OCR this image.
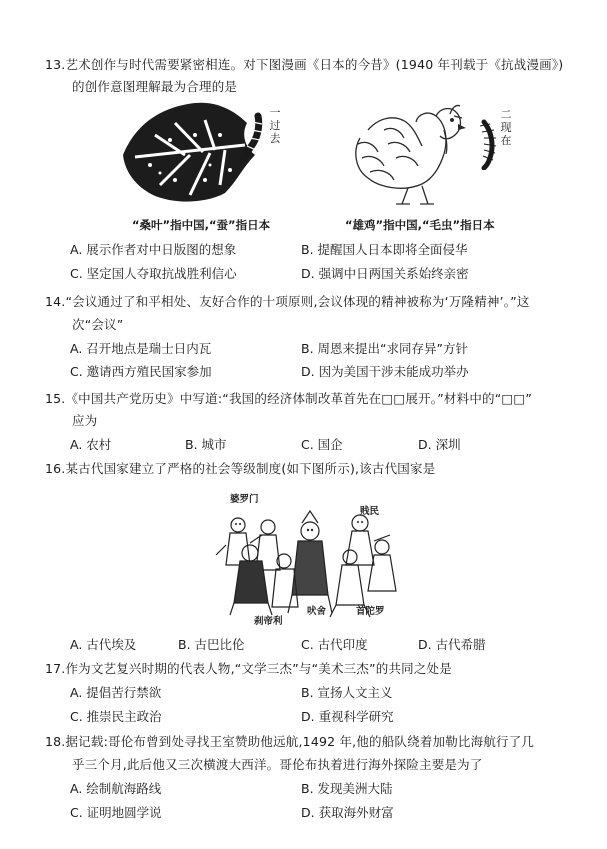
13.艺术创作与时代需要紧密相连。对下图漫画《日本的今昔》(1940 年刊载于《抗战漫画》)
的创作意图理解最为合理的是
一过去
二现在
“桑叶”指中国,“蚕”指日本	“雄鸡”指中国,“毛虫”指日本
A. 展示作者对中日版图的想象	B. 提醒国人日本即将全面侵华
C. 坚定国人夺取抗战胜利信心	D. 强调中日两国关系始终亲密
14.“会议通过了和平相处、友好合作的十项原则,会议体现的精神被称为‘万隆精神’。”这
次“会议”
A. 召开地点是瑞士日内瓦	B. 周恩来提出“求同存异”方针
C. 邀请西方殖民国家参加	D. 因为美国干涉未能成功举办
15.《中国共产党历史》中写道:“我国的经济体制改革首先在□□展开。”材料中的“□□”
应为
A. 农村	B. 城市	C. 国企	D. 深圳
16.某古代国家建立了严格的社会等级制度(如下图所示),该古代国家是
婆罗门
贱民
刹帝利
吠舍	首陀罗
A. 古代埃及	B. 古巴比伦	C. 古代印度	D. 古代希腊
17.作为文艺复兴时期的代表人物,“文学三杰”与“美术三杰”的共同之处是
A. 提倡苦行禁欲	B. 宣扬人文主义
C. 推崇民主政治	D. 重视科学研究
18.据记载:哥伦布曾到处寻找王室赞助他远航,1492 年,他的船队绕着加勒比海航行了几
乎三个月,此后他又三次横渡大西洋。哥伦布执着进行海外探险主要是为了
A. 绘制航海路线	B. 发现美洲大陆
C. 证明地圆学说	D. 获取海外财富
